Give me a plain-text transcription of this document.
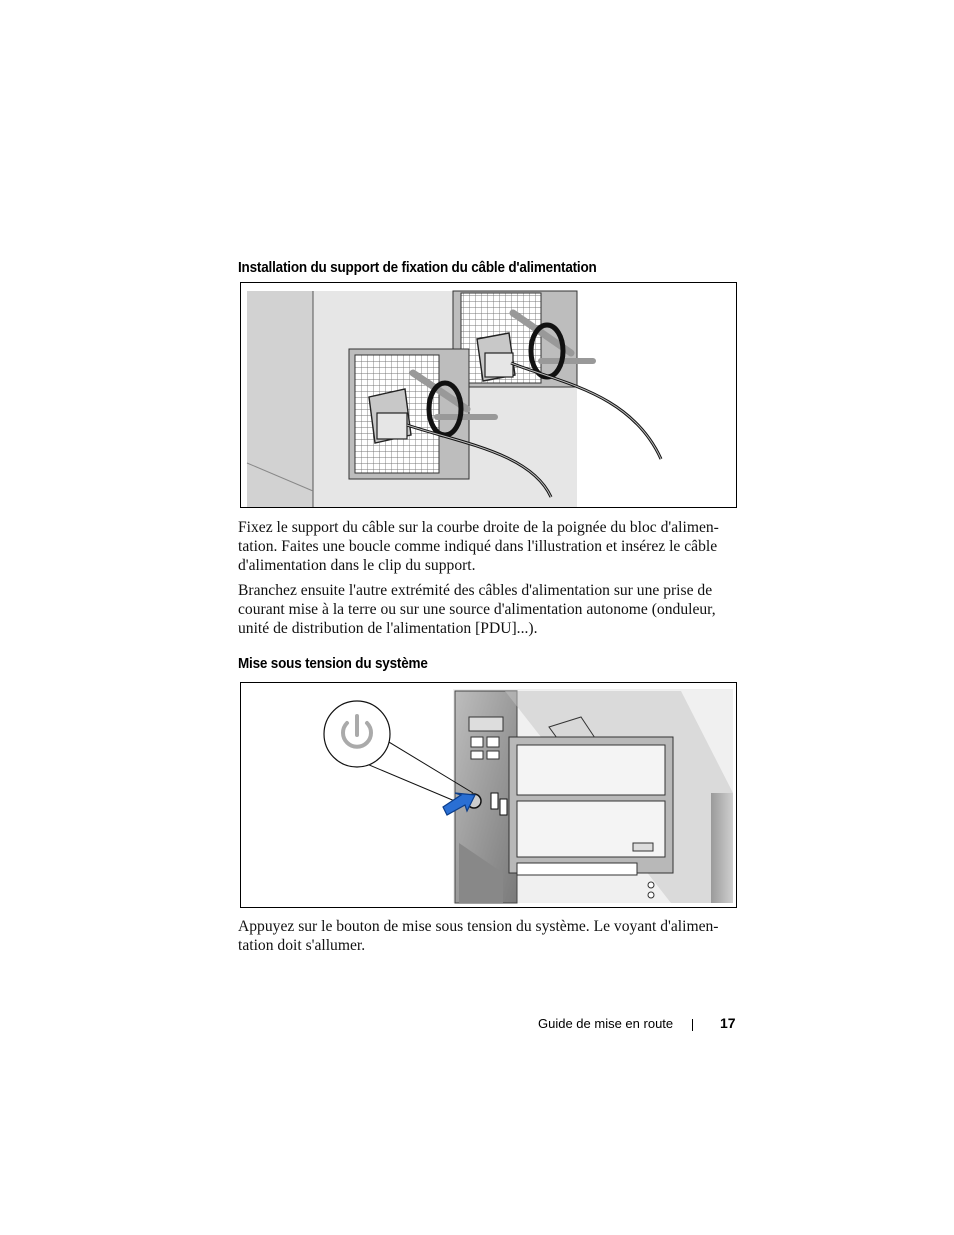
Installation du support de fixation du câble d'alimentation

Fixez le support du câble sur la courbe droite de la poignée du bloc d'alimen-tation. Faites une boucle comme indiqué dans l'illustration et insérez le câble d'alimentation dans le clip du support.

Branchez ensuite l'autre extrémité des câbles d'alimentation sur une prise de courant mise à la terre ou sur une source d'alimentation autonome (onduleur, unité de distribution de l'alimentation [PDU]...).

Mise sous tension du système

Appuyez sur le bouton de mise sous tension du système. Le voyant d'alimen-tation doit s'allumer.

Guide de mise en route	17
